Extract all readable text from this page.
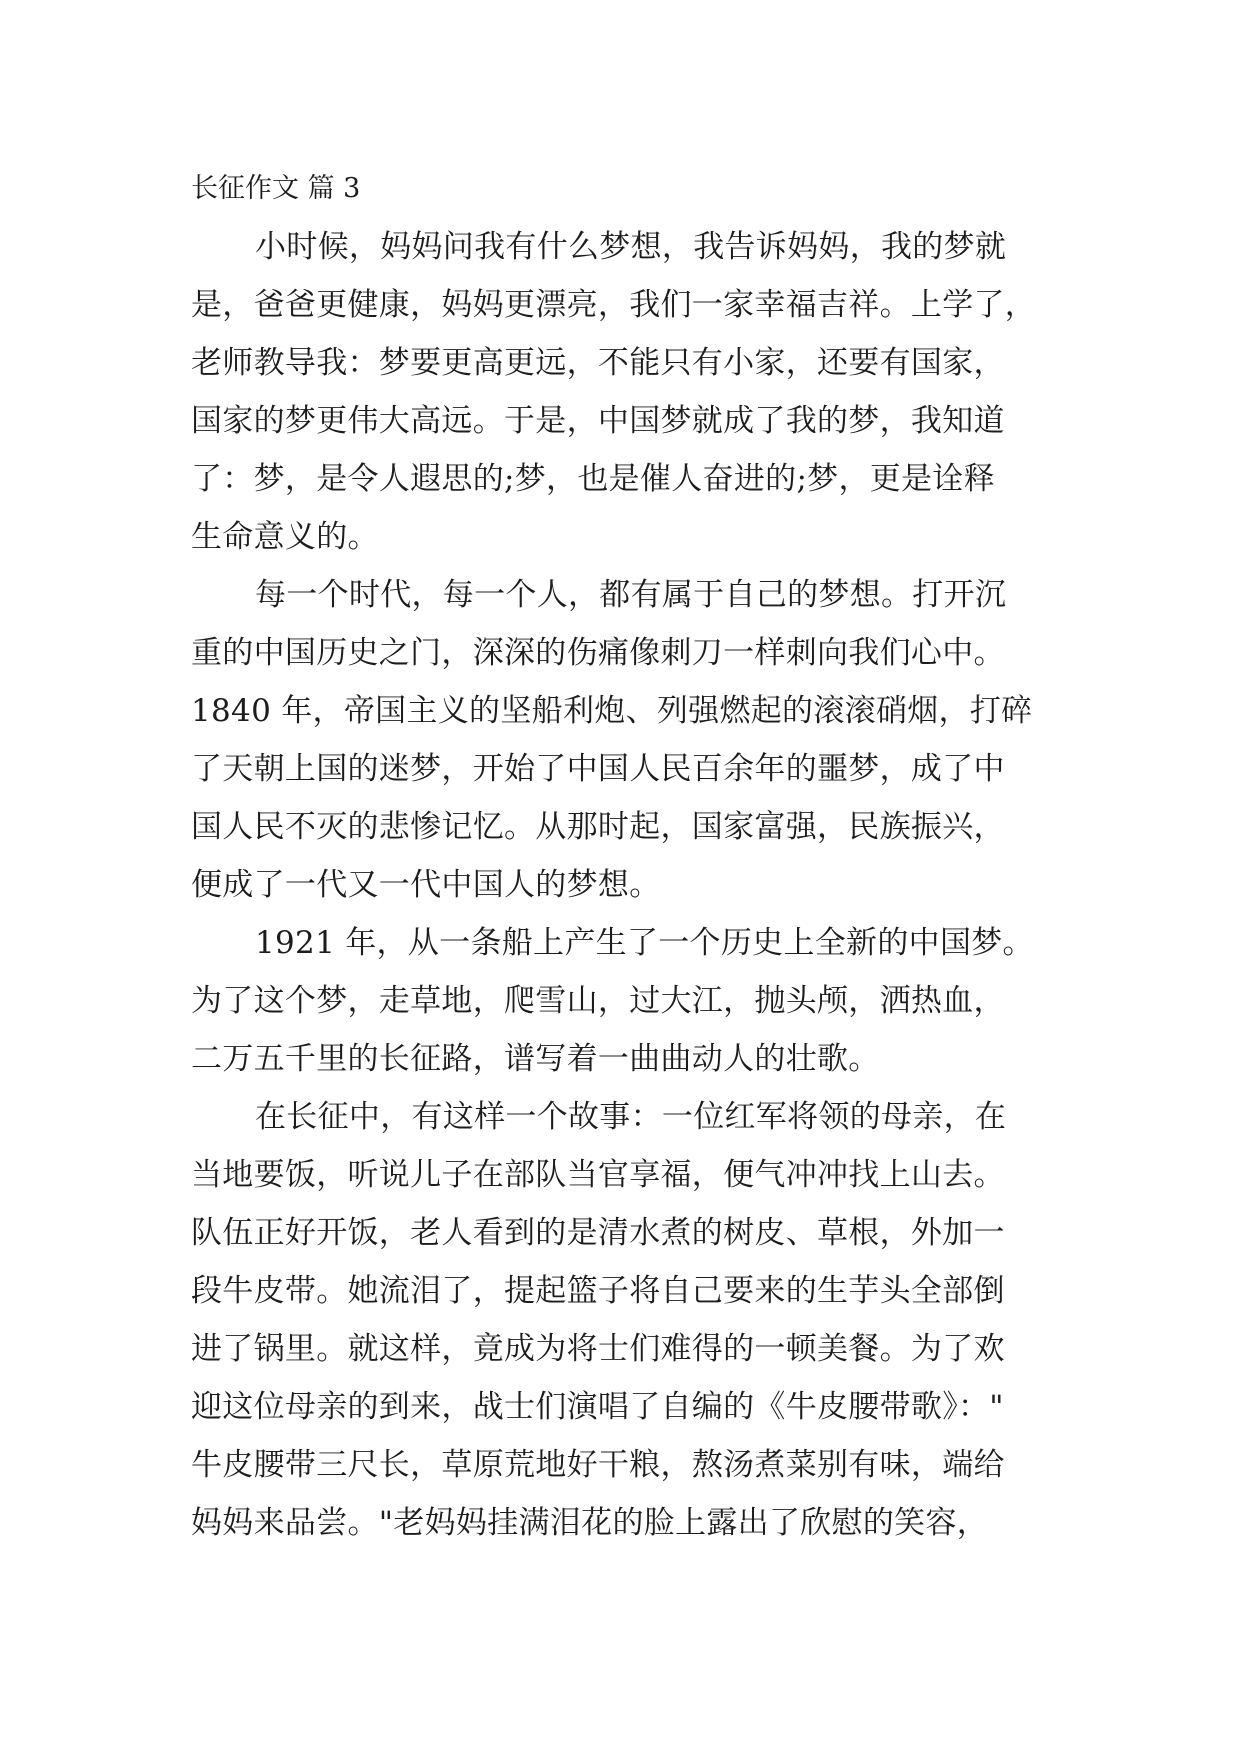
长征作文 篇 3
小时候，妈妈问我有什么梦想，我告诉妈妈，我的梦就
是，爸爸更健康，妈妈更漂亮，我们一家幸福吉祥。上学了，
老师教导我：梦要更高更远，不能只有小家，还要有国家，
国家的梦更伟大高远。于是，中国梦就成了我的梦，我知道
了：梦，是令人遐思的;梦，也是催人奋进的;梦，更是诠释
生命意义的。
每一个时代，每一个人，都有属于自己的梦想。打开沉
重的中国历史之门，深深的伤痛像刺刀一样刺向我们心中。
1840 年，帝国主义的坚船利炮、列强燃起的滚滚硝烟，打碎
了天朝上国的迷梦，开始了中国人民百余年的噩梦，成了中
国人民不灭的悲惨记忆。从那时起，国家富强，民族振兴，
便成了一代又一代中国人的梦想。
1921 年，从一条船上产生了一个历史上全新的中国梦。
为了这个梦，走草地，爬雪山，过大江，抛头颅，洒热血，
二万五千里的长征路，谱写着一曲曲动人的壮歌。
在长征中，有这样一个故事：一位红军将领的母亲，在
当地要饭，听说儿子在部队当官享福，便气冲冲找上山去。
队伍正好开饭，老人看到的是清水煮的树皮、草根，外加一
段牛皮带。她流泪了，提起篮子将自己要来的生芋头全部倒
进了锅里。就这样，竟成为将士们难得的一顿美餐。为了欢
迎这位母亲的到来，战士们演唱了自编的《牛皮腰带歌》："
牛皮腰带三尺长，草原荒地好干粮，熬汤煮菜别有味，端给
妈妈来品尝。"老妈妈挂满泪花的脸上露出了欣慰的笑容，
